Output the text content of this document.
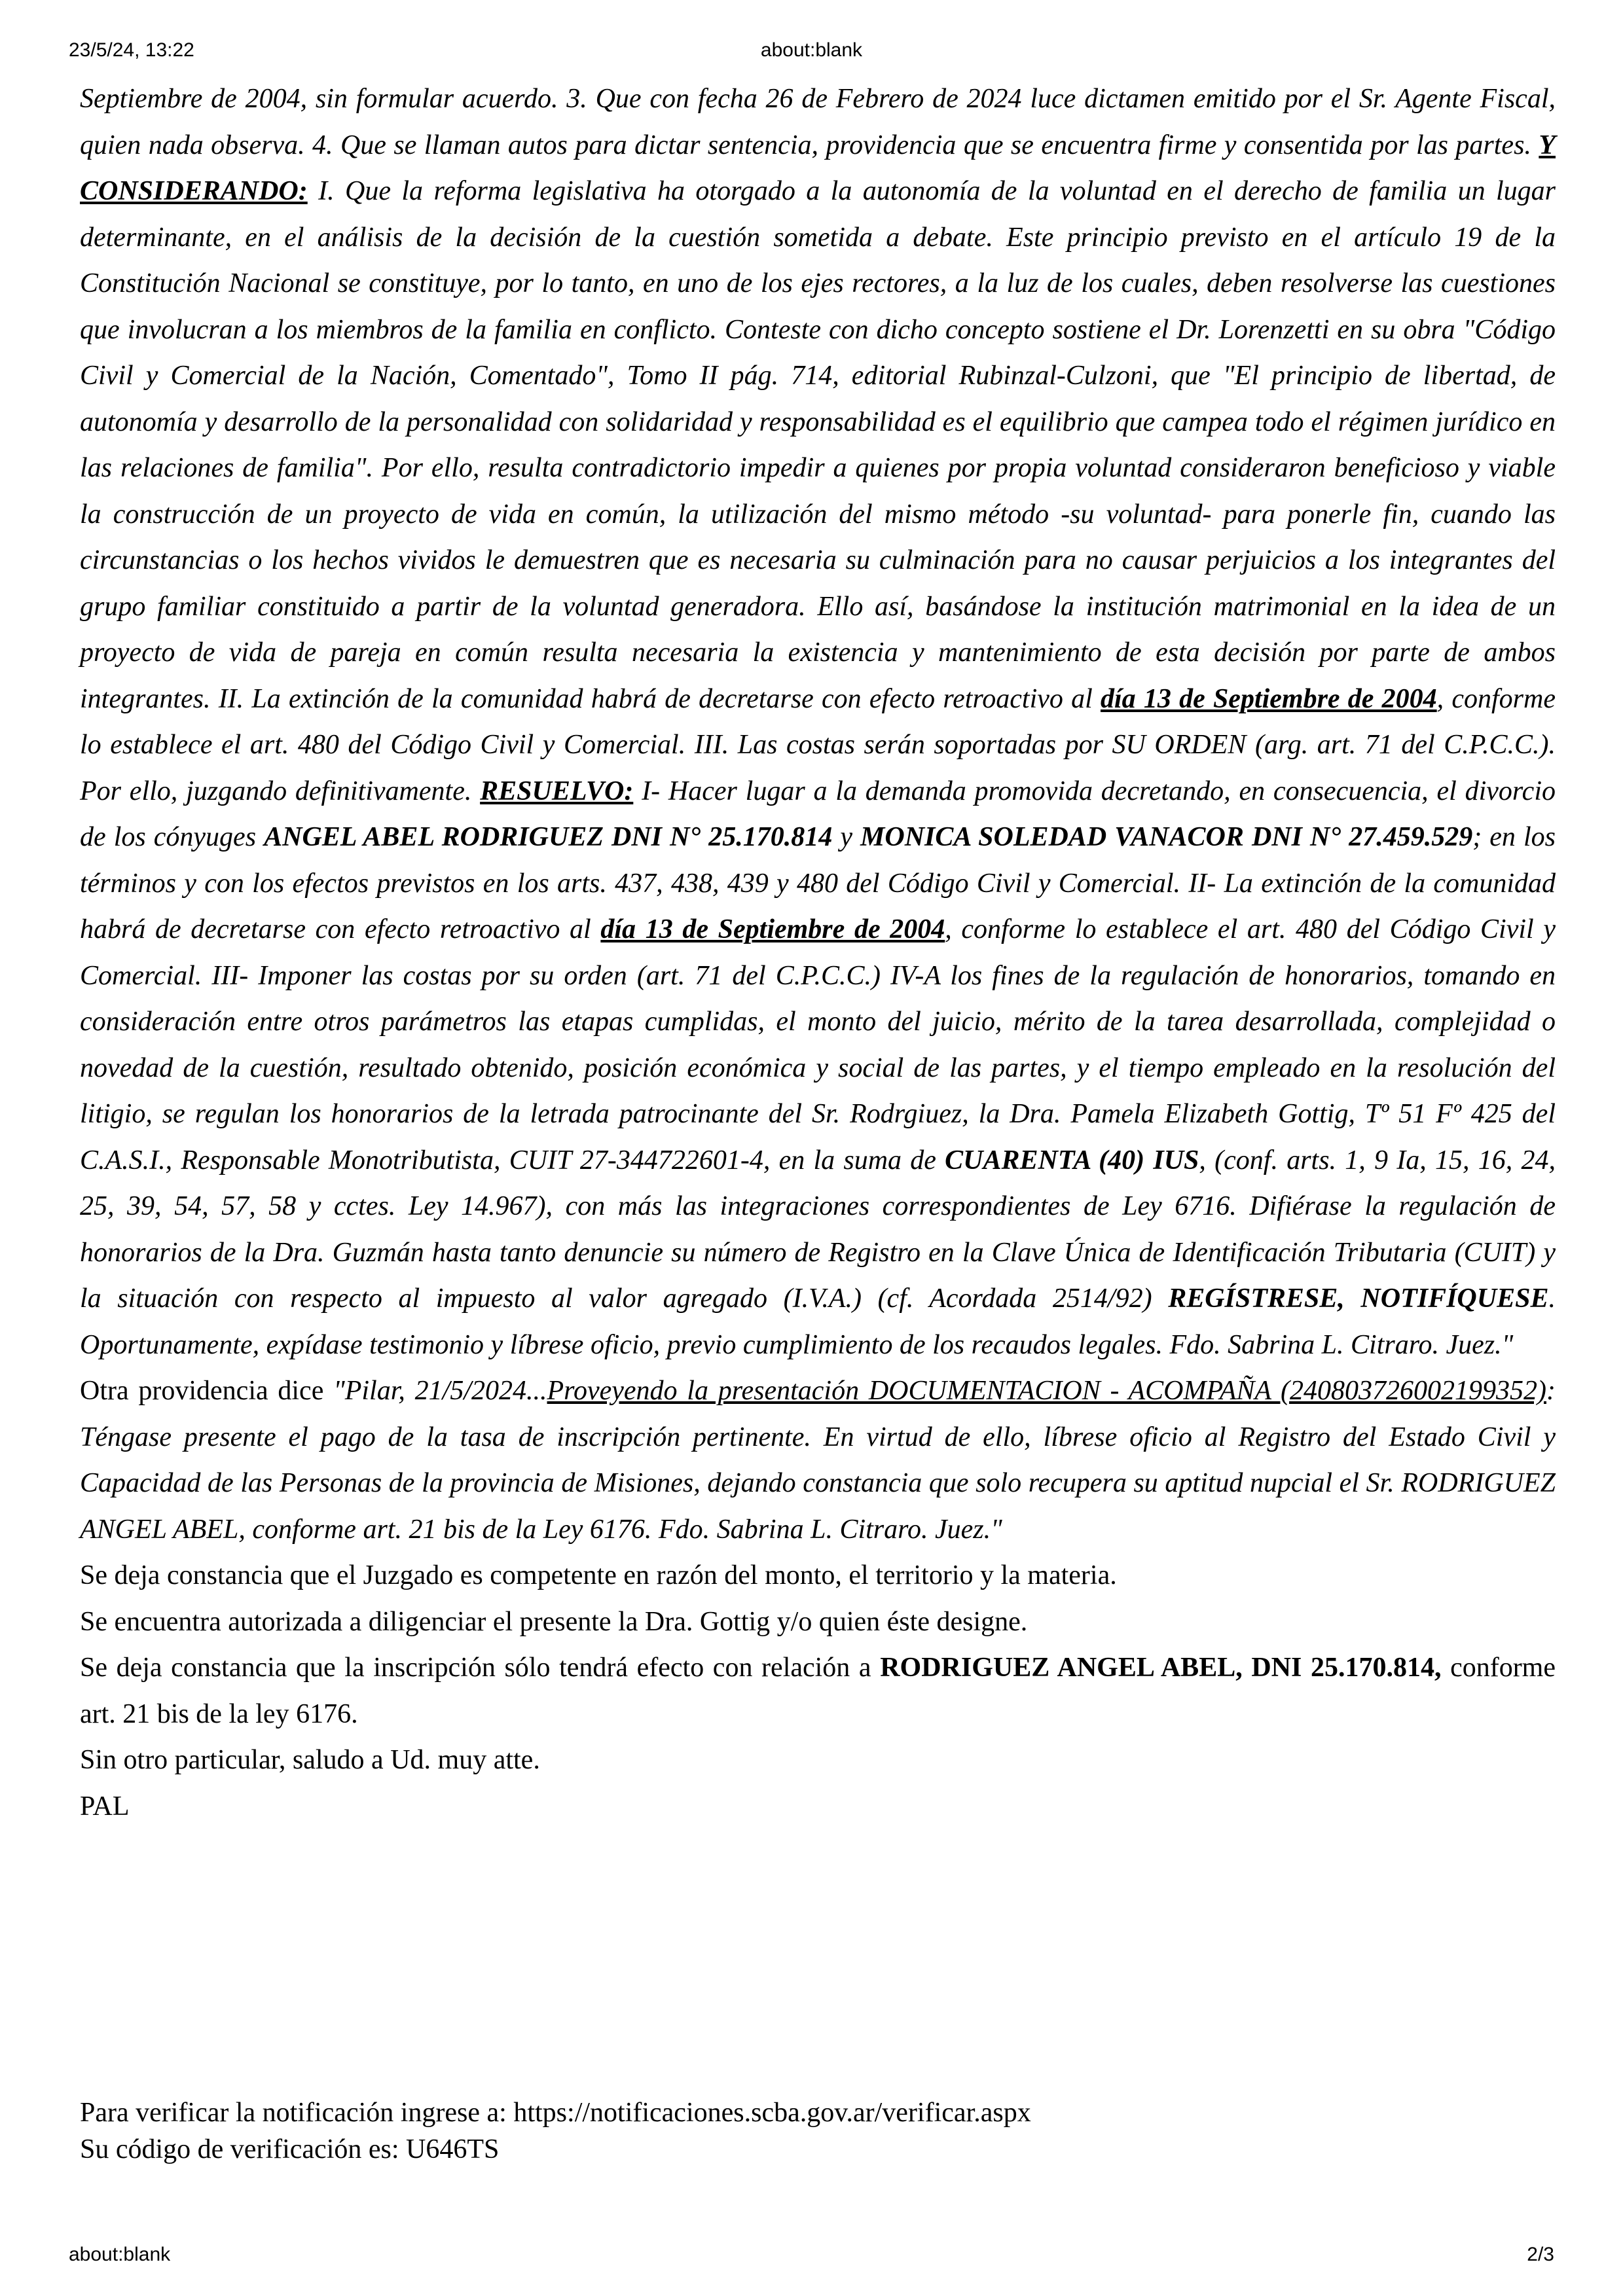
about:blank
23/5/24, 13:22

Septiembre de 2004, sin formular acuerdo. 3. Que con fecha 26 de Febrero de 2024 luce dictamen emitido por el Sr. Agente Fiscal, quien nada observa. 4. Que se llaman autos para dictar sentencia, providencia que se encuentra firme y consentida por las partes. Y CONSIDERANDO: I. Que la reforma legislativa ha otorgado a la autonomía de la voluntad en el derecho de familia un lugar determinante, en el análisis de la decisión de la cuestión sometida a debate. Este principio previsto en el artículo 19 de la Constitución Nacional se constituye, por lo tanto, en uno de los ejes rectores, a la luz de los cuales, deben resolverse las cuestiones que involucran a los miembros de la familia en conflicto. Conteste con dicho concepto sostiene el Dr. Lorenzetti en su obra "Código Civil y Comercial de la Nación, Comentado", Tomo II pág. 714, editorial Rubinzal-Culzoni, que "El principio de libertad, de autonomía y desarrollo de la personalidad con solidaridad y responsabilidad es el equilibrio que campea todo el régimen jurídico en las relaciones de familia". Por ello, resulta contradictorio impedir a quienes por propia voluntad consideraron beneficioso y viable la construcción de un proyecto de vida en común, la utilización del mismo método -su voluntad- para ponerle fin, cuando las circunstancias o los hechos vividos le demuestren que es necesaria su culminación para no causar perjuicios a los integrantes del grupo familiar constituido a partir de la voluntad generadora. Ello así, basándose la institución matrimonial en la idea de un proyecto de vida de pareja en común resulta necesaria la existencia y mantenimiento de esta decisión por parte de ambos integrantes. II. La extinción de la comunidad habrá de decretarse con efecto retroactivo al día 13 de Septiembre de 2004, conforme lo establece el art. 480 del Código Civil y Comercial. III. Las costas serán soportadas por SU ORDEN (arg. art. 71 del C.P.C.C.). Por ello, juzgando definitivamente. RESUELVO: I- Hacer lugar a la demanda promovida decretando, en consecuencia, el divorcio de los cónyuges ANGEL ABEL RODRIGUEZ DNI N° 25.170.814 y MONICA SOLEDAD VANACOR DNI N° 27.459.529; en los términos y con los efectos previstos en los arts. 437, 438, 439 y 480 del Código Civil y Comercial. II- La extinción de la comunidad habrá de decretarse con efecto retroactivo al día 13 de Septiembre de 2004, conforme lo establece el art. 480 del Código Civil y Comercial. III- Imponer las costas por su orden (art. 71 del C.P.C.C.) IV-A los fines de la regulación de honorarios, tomando en consideración entre otros parámetros las etapas cumplidas, el monto del juicio, mérito de la tarea desarrollada, complejidad o novedad de la cuestión, resultado obtenido, posición económica y social de las partes, y el tiempo empleado en la resolución del litigio, se regulan los honorarios de la letrada patrocinante del Sr. Rodrgiuez, la Dra. Pamela Elizabeth Gottig, Tº 51 Fº 425 del C.A.S.I., Responsable Monotributista, CUIT 27-344722601-4, en la suma de CUARENTA (40) IUS, (conf. arts. 1, 9 Ia, 15, 16, 24, 25, 39, 54, 57, 58 y cctes. Ley 14.967), con más las integraciones correspondientes de Ley 6716. Difiérase la regulación de honorarios de la Dra. Guzmán hasta tanto denuncie su número de Registro en la Clave Única de Identificación Tributaria (CUIT) y la situación con respecto al impuesto al valor agregado (I.V.A.) (cf. Acordada 2514/92) REGÍSTRESE, NOTIFÍQUESE. Oportunamente, expídase testimonio y líbrese oficio, previo cumplimiento de los recaudos legales. Fdo. Sabrina L. Citraro. Juez."

Otra providencia dice "Pilar, 21/5/2024...Proveyendo la presentación DOCUMENTACION - ACOMPAÑA (240803726002199352): Téngase presente el pago de la tasa de inscripción pertinente. En virtud de ello, líbrese oficio al Registro del Estado Civil y Capacidad de las Personas de la provincia de Misiones, dejando constancia que solo recupera su aptitud nupcial el Sr. RODRIGUEZ ANGEL ABEL, conforme art. 21 bis de la Ley 6176. Fdo. Sabrina L. Citraro. Juez."

Se deja constancia que el Juzgado es competente en razón del monto, el territorio y la materia.

Se encuentra autorizada a diligenciar el presente la Dra. Gottig y/o quien éste designe.

Se deja constancia que la inscripción sólo tendrá efecto con relación a RODRIGUEZ ANGEL ABEL, DNI 25.170.814, conforme art. 21 bis de la ley 6176.

Sin otro particular, saludo a Ud. muy atte.

PAL

Para verificar la notificación ingrese a: https://notificaciones.scba.gov.ar/verificar.aspx

Su código de verificación es: U646TS

about:blank	2/3
